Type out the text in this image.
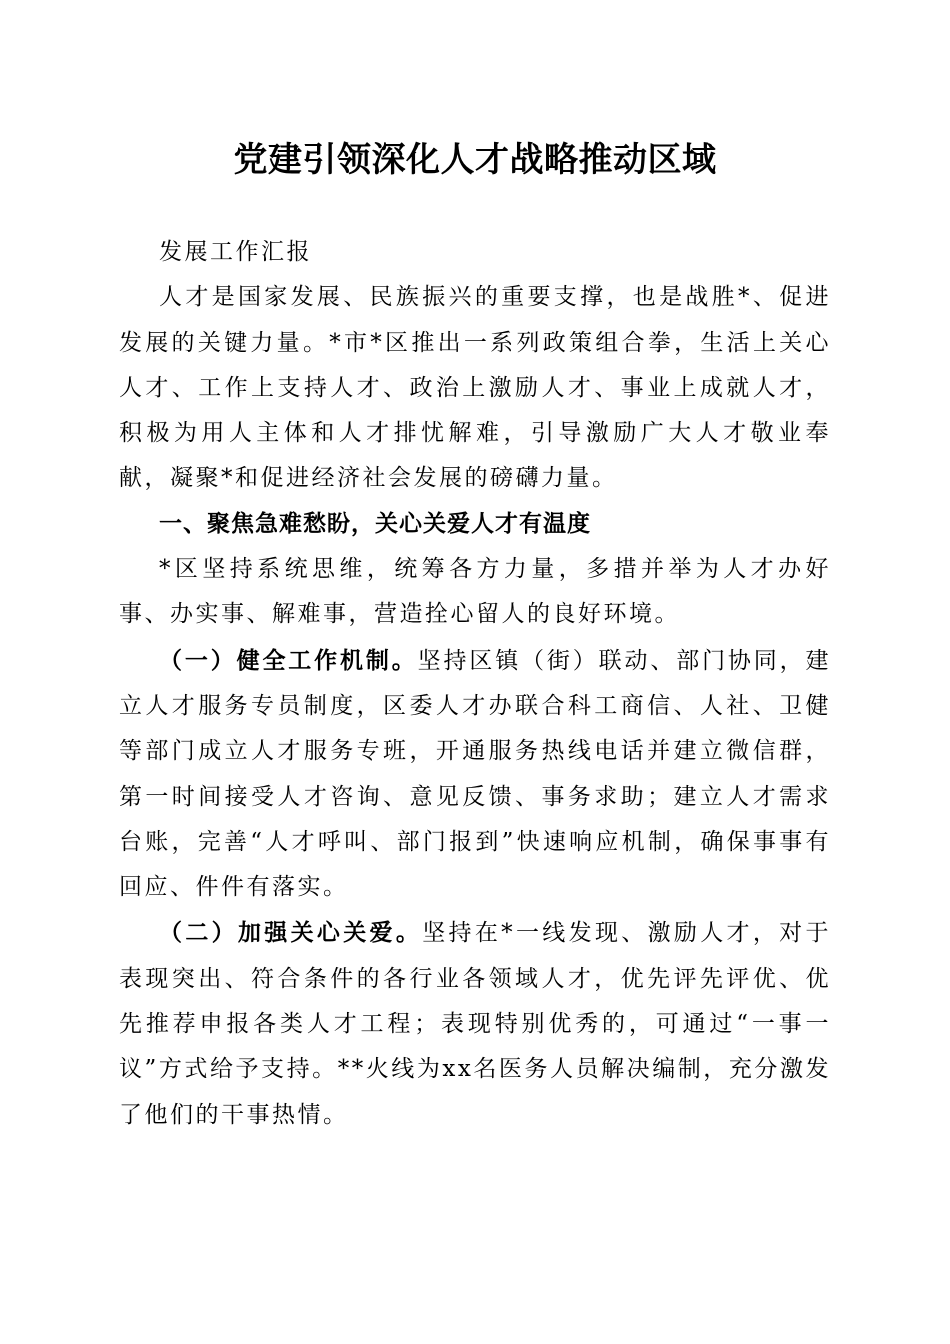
党建引领深化人才战略推动区域

发展工作汇报

人才是国家发展、民族振兴的重要支撑，也是战胜*、促进发展的关键力量。*市*区推出一系列政策组合拳，生活上关心人才、工作上支持人才、政治上激励人才、事业上成就人才，积极为用人主体和人才排忧解难，引导激励广大人才敬业奉献，凝聚*和促进经济社会发展的磅礴力量。

一、聚焦急难愁盼，关心关爱人才有温度

*区坚持系统思维，统筹各方力量，多措并举为人才办好事、办实事、解难事，营造拴心留人的良好环境。

（一）健全工作机制。坚持区镇（街）联动、部门协同，建立人才服务专员制度，区委人才办联合科工商信、人社、卫健等部门成立人才服务专班，开通服务热线电话并建立微信群，第一时间接受人才咨询、意见反馈、事务求助；建立人才需求台账，完善“人才呼叫、部门报到”快速响应机制，确保事事有回应、件件有落实。

（二）加强关心关爱。坚持在*一线发现、激励人才，对于表现突出、符合条件的各行业各领域人才，优先评先评优、优先推荐申报各类人才工程；表现特别优秀的，可通过“一事一议”方式给予支持。**火线为xx名医务人员解决编制，充分激发了他们的干事热情。
